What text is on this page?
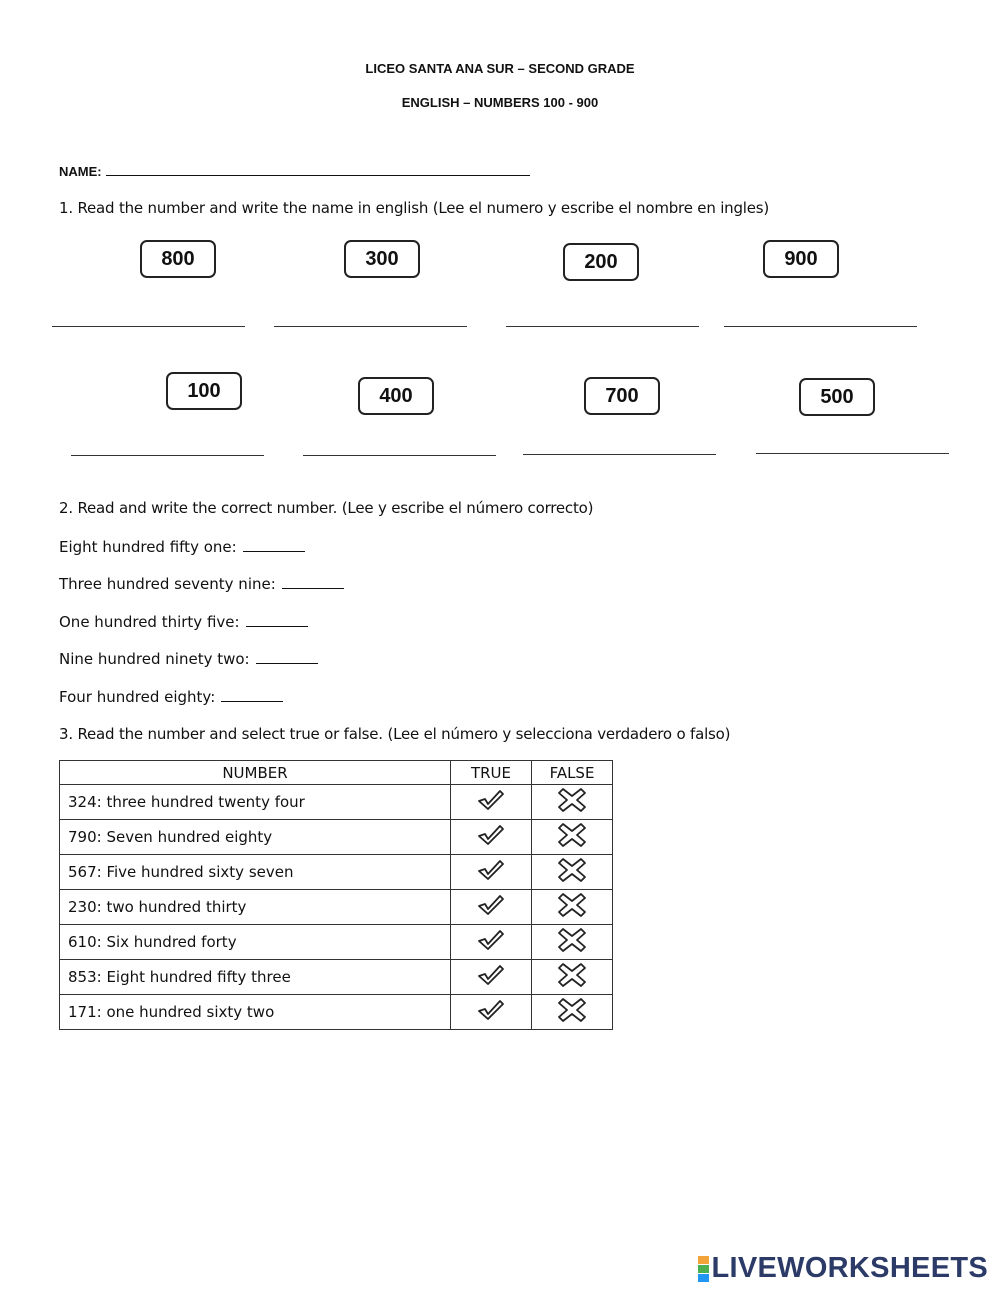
LICEO SANTA ANA SUR – SECOND GRADE
ENGLISH – NUMBERS 100 - 900
NAME:
1. Read the number and write the name in english (Lee el numero y escribe el nombre en ingles)
800	300	200	900
100	400	700	500
2. Read and write the correct number. (Lee y escribe el número correcto)
Eight hundred fifty one:
Three hundred seventy nine:
One hundred thirty five:
Nine hundred ninety two:
Four hundred eighty:
3. Read the number and select true or false. (Lee el número y selecciona verdadero o falso)
NUMBER	TRUE	FALSE
324: three hundred twenty four		
790: Seven hundred eighty		
567: Five hundred sixty seven		
230: two hundred thirty		
610: Six hundred forty		
853: Eight hundred fifty three		
171: one hundred sixty two		
LIVEWORKSHEETS
